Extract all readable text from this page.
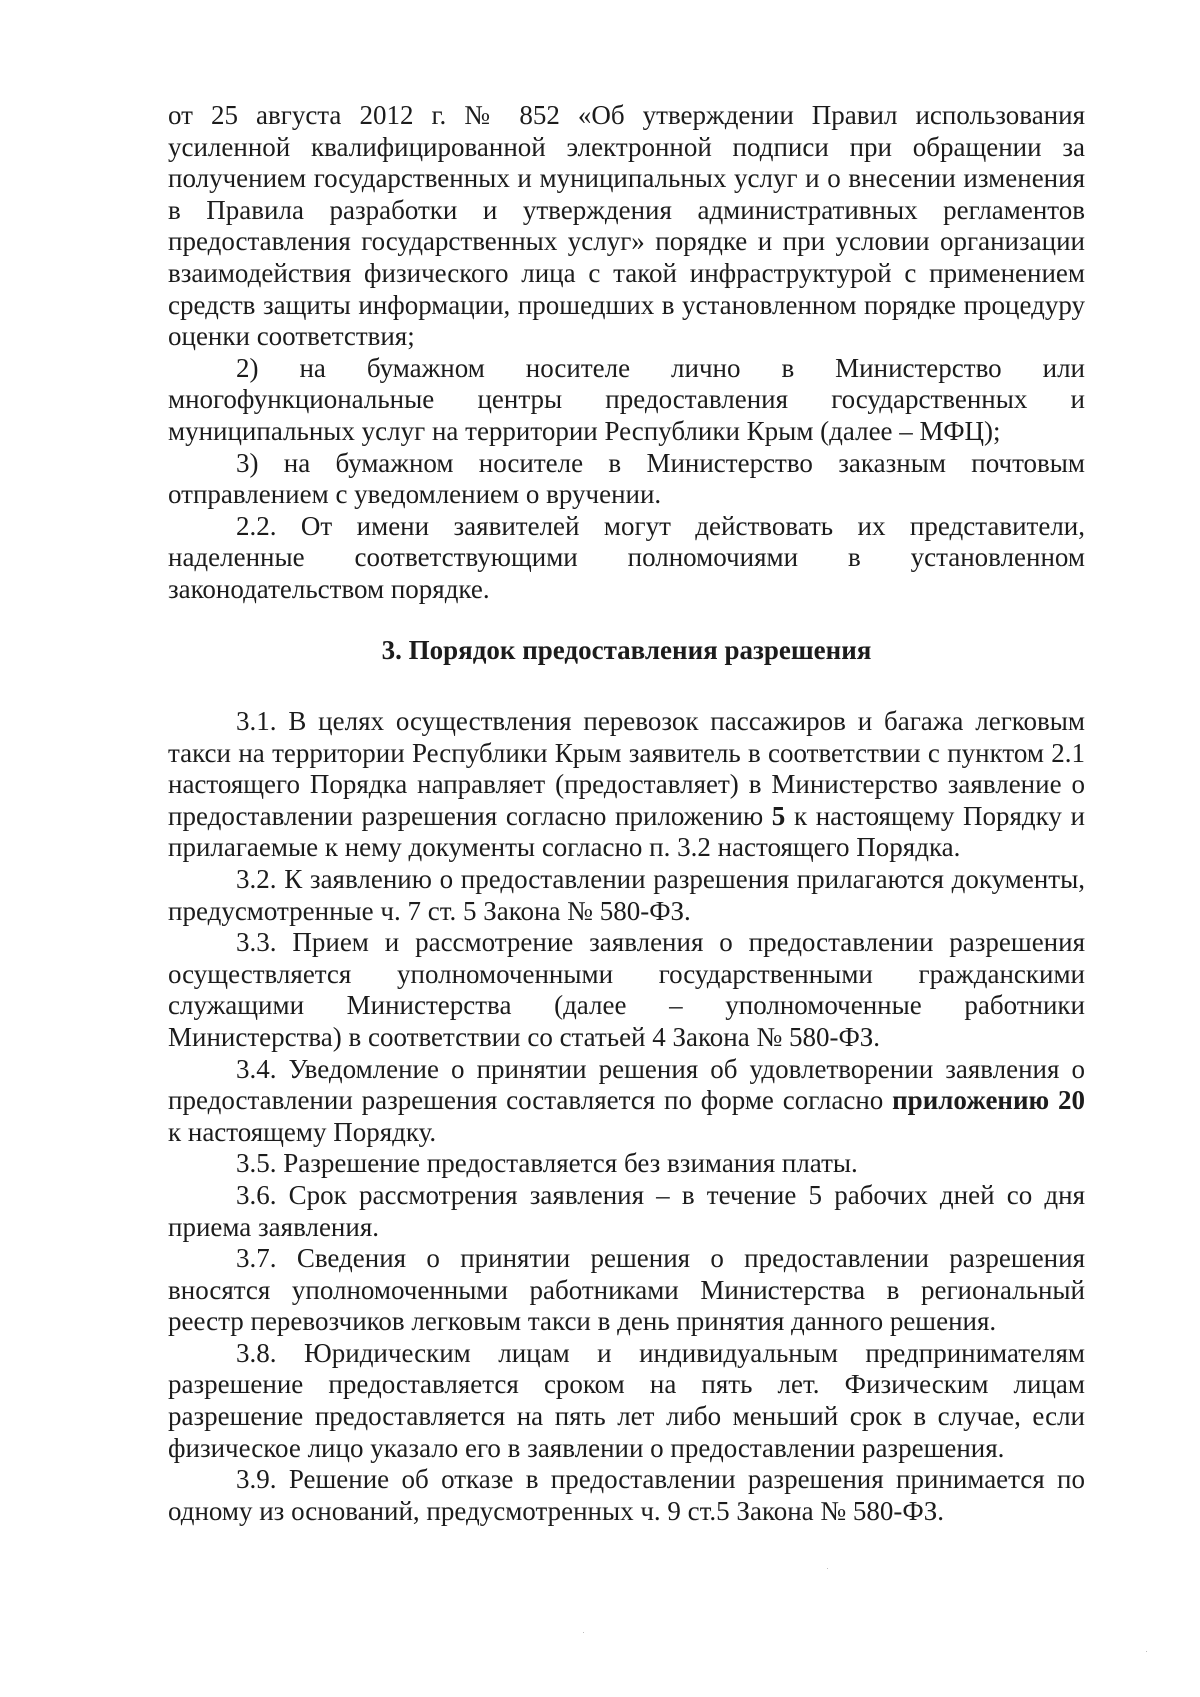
от 25 августа 2012 г. № 852 «Об утверждении Правил использования усиленной квалифицированной электронной подписи при обращении за получением государственных и муниципальных услуг и о внесении изменения в Правила разработки и утверждения административных регламентов предоставления государственных услуг» порядке и при условии организации взаимодействия физического лица с такой инфраструктурой с применением средств защиты информации, прошедших в установленном порядке процедуру оценки соответствия;

2) на бумажном носителе лично в Министерство или многофункциональные центры предоставления государственных и муниципальных услуг на территории Республики Крым (далее – МФЦ);

3) на бумажном носителе в Министерство заказным почтовым отправлением с уведомлением о вручении.

2.2. От имени заявителей могут действовать их представители, наделенные соответствующими полномочиями в установленном законодательством порядке.

3. Порядок предоставления разрешения

3.1. В целях осуществления перевозок пассажиров и багажа легковым такси на территории Республики Крым заявитель в соответствии с пунктом 2.1 настоящего Порядка направляет (предоставляет) в Министерство заявление о предоставлении разрешения согласно приложению 5 к настоящему Порядку и прилагаемые к нему документы согласно п. 3.2 настоящего Порядка.

3.2. К заявлению о предоставлении разрешения прилагаются документы, предусмотренные ч. 7 ст. 5 Закона № 580-ФЗ.

3.3. Прием и рассмотрение заявления о предоставлении разрешения осуществляется уполномоченными государственными гражданскими служащими Министерства (далее – уполномоченные работники Министерства) в соответствии со статьей 4 Закона № 580-ФЗ.

3.4. Уведомление о принятии решения об удовлетворении заявления о предоставлении разрешения составляется по форме согласно приложению 20 к настоящему Порядку.

3.5. Разрешение предоставляется без взимания платы.

3.6. Срок рассмотрения заявления – в течение 5 рабочих дней со дня приема заявления.

3.7. Сведения о принятии решения о предоставлении разрешения вносятся уполномоченными работниками Министерства в региональный реестр перевозчиков легковым такси в день принятия данного решения.

3.8. Юридическим лицам и индивидуальным предпринимателям разрешение предоставляется сроком на пять лет. Физическим лицам разрешение предоставляется на пять лет либо меньший срок в случае, если физическое лицо указало его в заявлении о предоставлении разрешения.

3.9. Решение об отказе в предоставлении разрешения принимается по одному из оснований, предусмотренных ч. 9 ст.5 Закона № 580-ФЗ.
